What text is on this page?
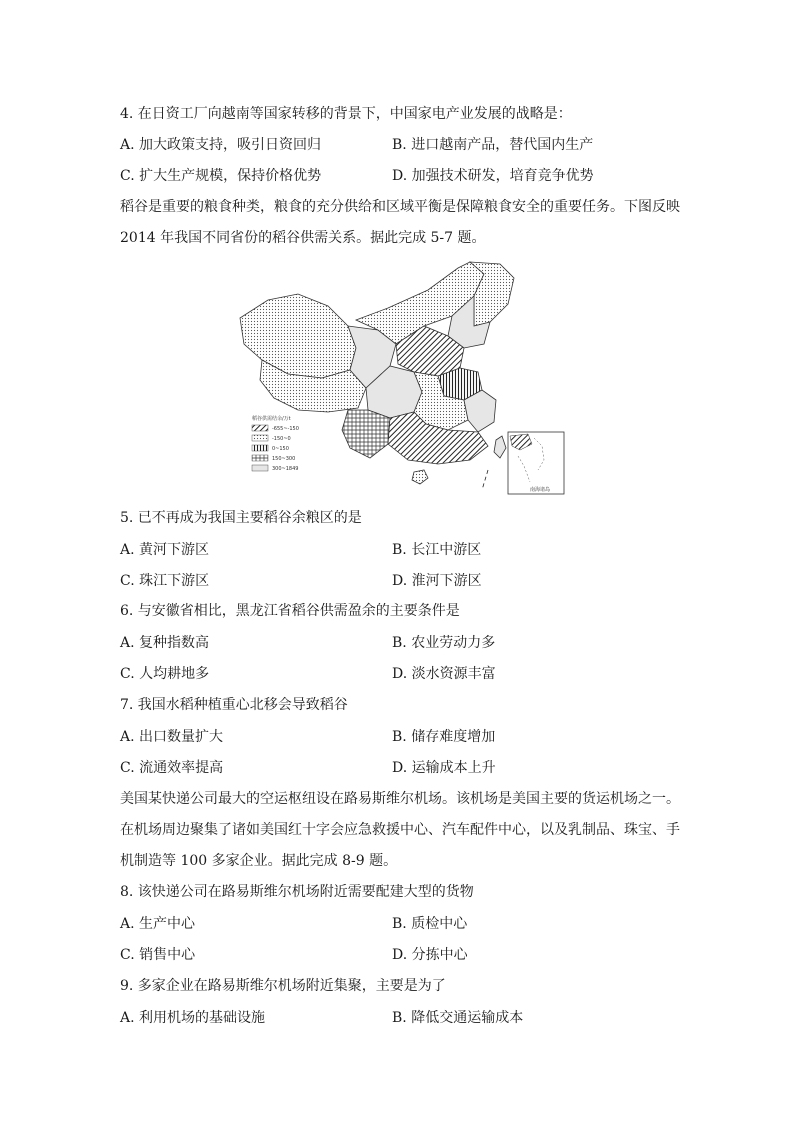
4. 在日资工厂向越南等国家转移的背景下，中国家电产业发展的战略是：
A. 加大政策支持，吸引日资回归	B. 进口越南产品，替代国内生产
C. 扩大生产规模，保持价格优势	D. 加强技术研发，培育竞争优势
稻谷是重要的粮食种类，粮食的充分供给和区域平衡是保障粮食安全的重要任务。下图反映
2014 年我国不同省份的稻谷供需关系。据此完成 5-7 题。
南海诸岛
稻谷供需结余/万t
-655~-150
-150~0
0~150
150~300
300~1849
5. 已不再成为我国主要稻谷余粮区的是
A. 黄河下游区	B. 长江中游区
C. 珠江下游区	D. 淮河下游区
6. 与安徽省相比，黑龙江省稻谷供需盈余的主要条件是
A. 复种指数高	B. 农业劳动力多
C. 人均耕地多	D. 淡水资源丰富
7. 我国水稻种植重心北移会导致稻谷
A. 出口数量扩大	B. 储存难度增加
C. 流通效率提高	D. 运输成本上升
美国某快递公司最大的空运枢纽设在路易斯维尔机场。该机场是美国主要的货运机场之一。
在机场周边聚集了诸如美国红十字会应急救援中心、汽车配件中心，以及乳制品、珠宝、手
机制造等 100 多家企业。据此完成 8-9 题。
8. 该快递公司在路易斯维尔机场附近需要配建大型的货物
A. 生产中心	B. 质检中心
C. 销售中心	D. 分拣中心
9. 多家企业在路易斯维尔机场附近集聚，主要是为了
A. 利用机场的基础设施	B. 降低交通运输成本
